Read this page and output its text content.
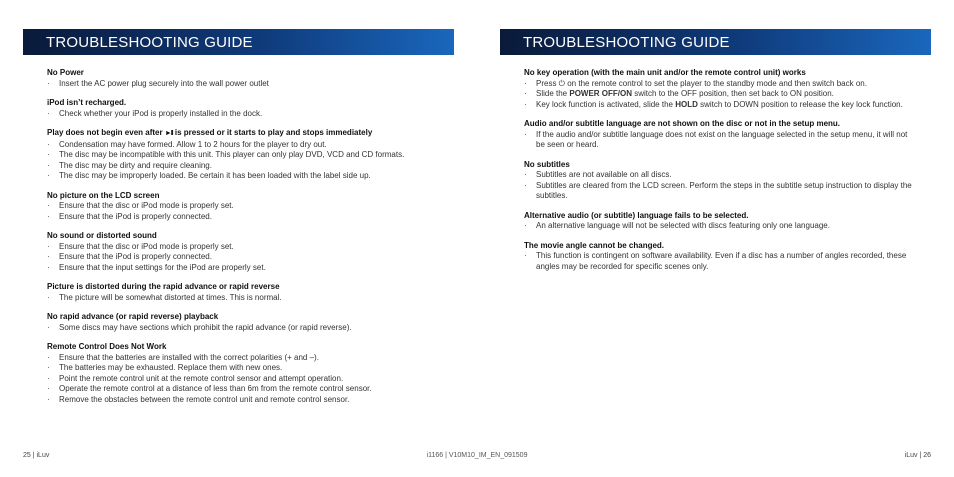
TROUBLESHOOTING GUIDE
No Power
· Insert the AC power plug securely into the wall power outlet
iPod isn’t recharged.
· Check whether your iPod is properly installed in the dock.
Play does not begin even after ►II is pressed or it starts to play and stops immediately
· Condensation may have formed. Allow 1 to 2 hours for the player to dry out.
· The disc may be incompatible with this unit. This player can only play DVD, VCD and CD formats.
· The disc may be dirty and require cleaning.
· The disc may be improperly loaded. Be certain it has been loaded with the label side up.
No picture on the LCD screen
· Ensure that the disc or iPod mode is properly set.
· Ensure that the iPod is properly connected.
No sound or distorted sound
· Ensure that the disc or iPod mode is properly set.
· Ensure that the iPod is properly connected.
· Ensure that the input settings for the iPod are properly set.
Picture is distorted during the rapid advance or rapid reverse
· The picture will be somewhat distorted at times. This is normal.
No rapid advance (or rapid reverse) playback
· Some discs may have sections which prohibit the rapid advance (or rapid reverse).
Remote Control Does Not Work
· Ensure that the batteries are installed with the correct polarities (+ and –).
· The batteries may be exhausted. Replace them with new ones.
· Point the remote control unit at the remote control sensor and attempt operation.
· Operate the remote control at a distance of less than 6m from the remote control sensor.
· Remove the obstacles between the remote control unit and remote control sensor.
25 | iLuv
TROUBLESHOOTING GUIDE
No key operation (with the main unit and/or the remote control unit) works
· Press ⏻ on the remote control to set the player to the standby mode and then switch back on.
· Slide the POWER OFF/ON switch to the OFF position, then set back to ON position.
· Key lock function is activated, slide the HOLD switch to DOWN position to release the key lock function.
Audio and/or subtitle language are not shown on the disc or not in the setup menu.
· If the audio and/or subtitle language does not exist on the language selected in the setup menu, it will not be seen or heard.
No subtitles
· Subtitles are not available on all discs.
· Subtitles are cleared from the LCD screen. Perform the steps in the subtitle setup instruction to display the subtitles.
Alternative audio (or subtitle) language fails to be selected.
· An alternative language will not be selected with discs featuring only one language.
The movie angle cannot be changed.
· This function is contingent on software availability. Even if a disc has a number of angles recorded, these angles may be recorded for specific scenes only.
iLuv | 26
i1166 | V10M10_IM_EN_091509
